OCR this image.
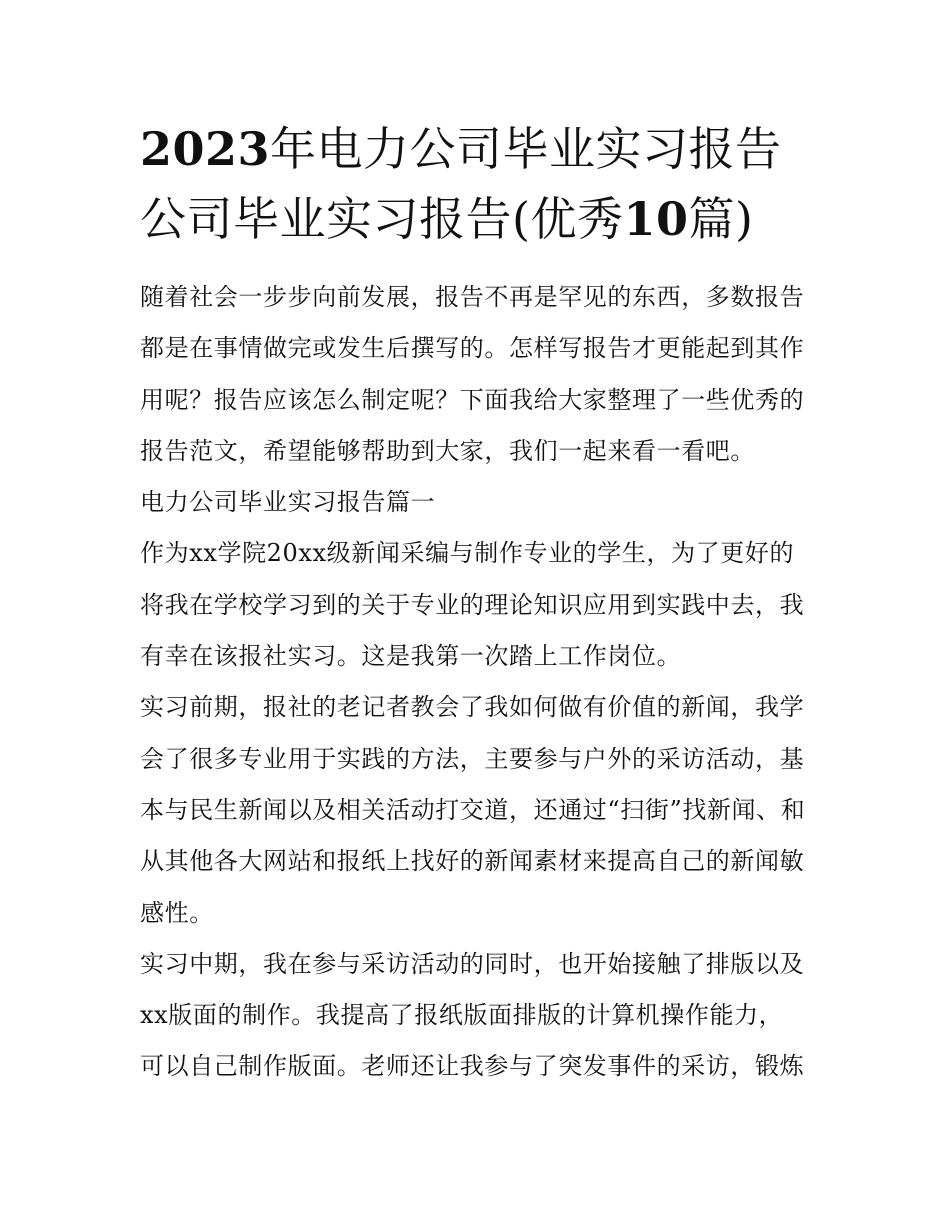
2023年电力公司毕业实习报告
公司毕业实习报告(优秀10篇)
随着社会一步步向前发展，报告不再是罕见的东西，多数报告
都是在事情做完或发生后撰写的。怎样写报告才更能起到其作
用呢？报告应该怎么制定呢？下面我给大家整理了一些优秀的
报告范文，希望能够帮助到大家，我们一起来看一看吧。
电力公司毕业实习报告篇一
作为xx学院20xx级新闻采编与制作专业的学生，为了更好的
将我在学校学习到的关于专业的理论知识应用到实践中去，我
有幸在该报社实习。这是我第一次踏上工作岗位。
实习前期，报社的老记者教会了我如何做有价值的新闻，我学
会了很多专业用于实践的方法，主要参与户外的采访活动，基
本与民生新闻以及相关活动打交道，还通过“扫街”找新闻、和
从其他各大网站和报纸上找好的新闻素材来提高自己的新闻敏
感性。
实习中期，我在参与采访活动的同时，也开始接触了排版以及
xx版面的制作。我提高了报纸版面排版的计算机操作能力，
可以自己制作版面。老师还让我参与了突发事件的采访，锻炼
